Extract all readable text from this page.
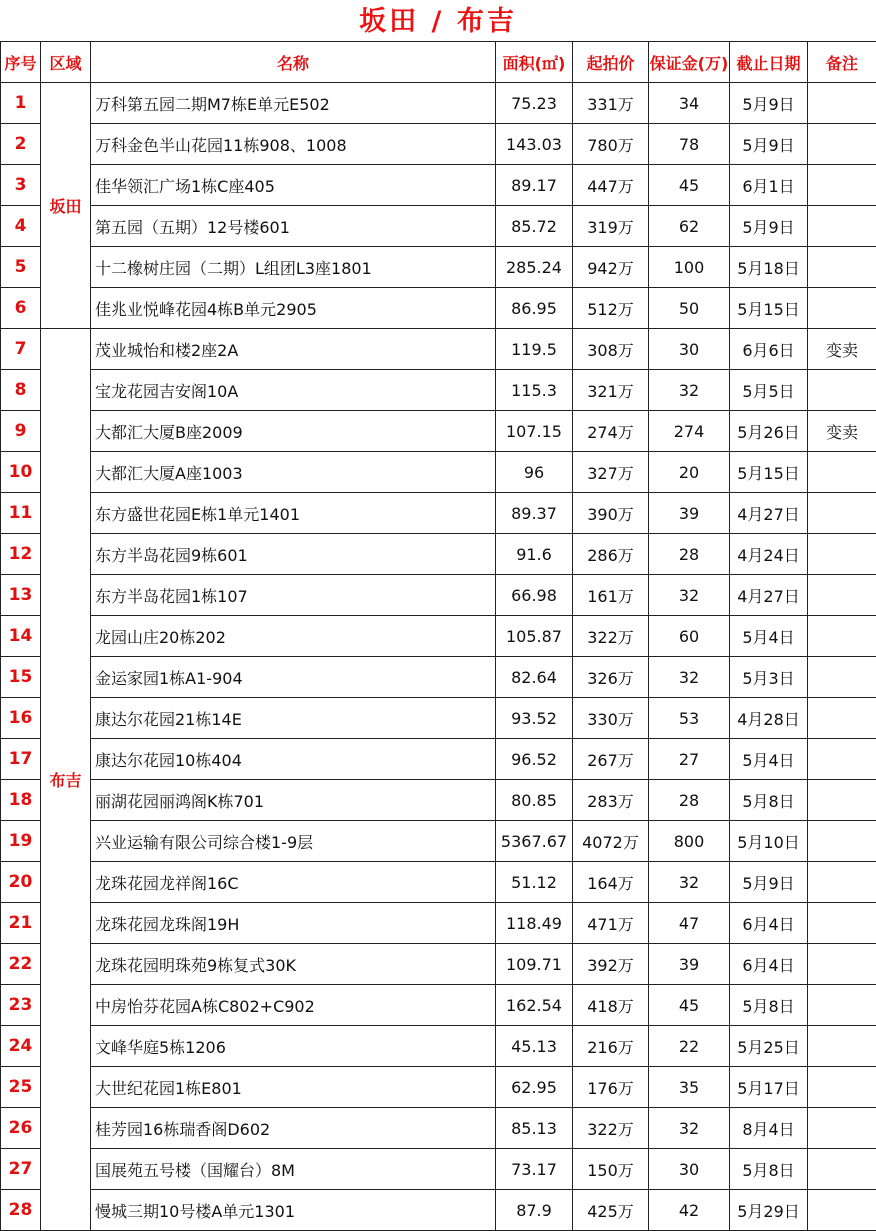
坂田 / 布吉
序号	区域	名称	面积(㎡)	起拍价	保证金(万)	截止日期	备注
1	坂田	万科第五园二期M7栋E单元E502	75.23	331万	34	5月9日	
2		万科金色半山花园11栋908、1008	143.03	780万	78	5月9日	
3		佳华领汇广场1栋C座405	89.17	447万	45	6月1日	
4		第五园（五期）12号楼601	85.72	319万	62	5月9日	
5		十二橡树庄园（二期）L组团L3座1801	285.24	942万	100	5月18日	
6		佳兆业悦峰花园4栋B单元2905	86.95	512万	50	5月15日	
7	布吉	茂业城怡和楼2座2A	119.5	308万	30	6月6日	变卖
8		宝龙花园吉安阁10A	115.3	321万	32	5月5日	
9		大都汇大厦B座2009	107.15	274万	274	5月26日	变卖
10		大都汇大厦A座1003	96	327万	20	5月15日	
11		东方盛世花园E栋1单元1401	89.37	390万	39	4月27日	
12		东方半岛花园9栋601	91.6	286万	28	4月24日	
13		东方半岛花园1栋107	66.98	161万	32	4月27日	
14		龙园山庄20栋202	105.87	322万	60	5月4日	
15		金运家园1栋A1-904	82.64	326万	32	5月3日	
16		康达尔花园21栋14E	93.52	330万	53	4月28日	
17		康达尔花园10栋404	96.52	267万	27	5月4日	
18		丽湖花园丽鸿阁K栋701	80.85	283万	28	5月8日	
19		兴业运输有限公司综合楼1-9层	5367.67	4072万	800	5月10日	
20		龙珠花园龙祥阁16C	51.12	164万	32	5月9日	
21		龙珠花园龙珠阁19H	118.49	471万	47	6月4日	
22		龙珠花园明珠苑9栋复式30K	109.71	392万	39	6月4日	
23		中房怡芬花园A栋C802+C902	162.54	418万	45	5月8日	
24		文峰华庭5栋1206	45.13	216万	22	5月25日	
25		大世纪花园1栋E801	62.95	176万	35	5月17日	
26		桂芳园16栋瑞香阁D602	85.13	322万	32	8月4日	
27		国展苑五号楼（国耀台）8M	73.17	150万	30	5月8日	
28		慢城三期10号楼A单元1301	87.9	425万	42	5月29日	
